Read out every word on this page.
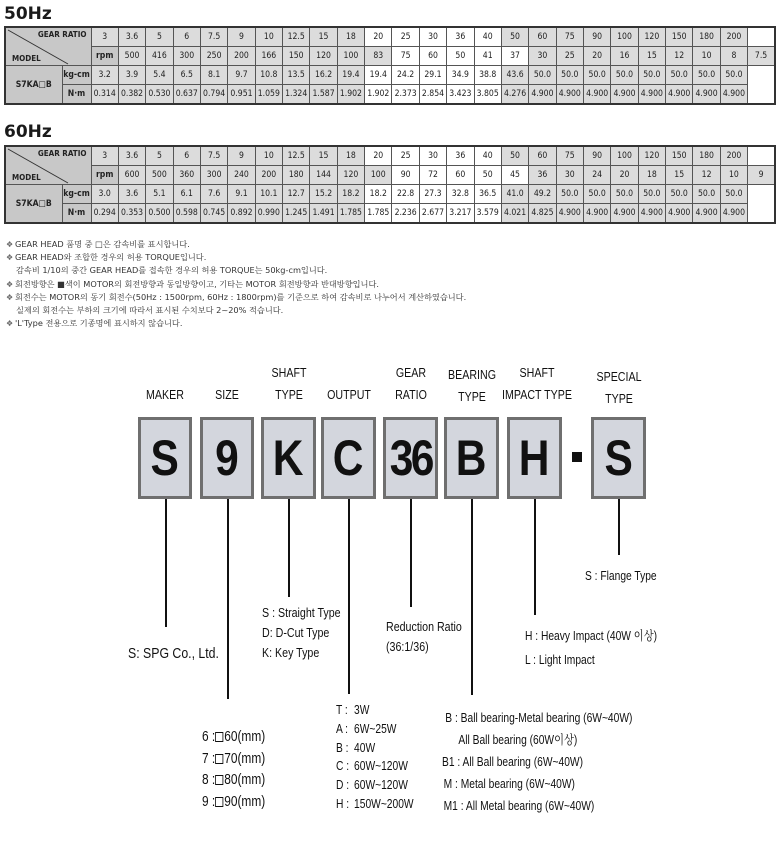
50Hz
GEAR RATIO
MODEL		3	3.6	5	6	7.5	9	10	12.5	15	18	20	25	30	36	40	50	60	75	90	100	120	150	180	200	
		rpm	500	416	300	250	200	166	150	120	100	83	75	60	50	41	37	30	25	20	16	15	12	10	8	7.5
S7KA□B	kg-cm	3.2	3.9	5.4	6.5	8.1	9.7	10.8	13.5	16.2	19.4	19.4	24.2	29.1	34.9	38.8	43.6	50.0	50.0	50.0	50.0	50.0	50.0	50.0	50.0	
	N·m	0.314	0.382	0.530	0.637	0.794	0.951	1.059	1.324	1.587	1.902	1.902	2.373	2.854	3.423	3.805	4.276	4.900	4.900	4.900	4.900	4.900	4.900	4.900	4.900	
60Hz
GEAR RATIO
MODEL		3	3.6	5	6	7.5	9	10	12.5	15	18	20	25	30	36	40	50	60	75	90	100	120	150	180	200	
		rpm	600	500	360	300	240	200	180	144	120	100	90	72	60	50	45	36	30	24	20	18	15	12	10	9
S7KA□B	kg-cm	3.0	3.6	5.1	6.1	7.6	9.1	10.1	12.7	15.2	18.2	18.2	22.8	27.3	32.8	36.5	41.0	49.2	50.0	50.0	50.0	50.0	50.0	50.0	50.0	
	N·m	0.294	0.353	0.500	0.598	0.745	0.892	0.990	1.245	1.491	1.785	1.785	2.236	2.677	3.217	3.579	4.021	4.825	4.900	4.900	4.900	4.900	4.900	4.900	4.900	
❖ GEAR HEAD 품명 중 □은 감속비를 표시합니다.
❖ GEAR HEAD와 조합한 경우의 허용 TORQUE입니다.
감속비 1/10의 중간 GEAR HEAD를 접속한 경우의 허용 TORQUE는 50kg-cm입니다.
❖ 회전방향은 ■색이 MOTOR의 회전방향과 동일방향이고, 기타는 MOTOR 회전방향과 반대방향입니다.
❖ 회전수는 MOTOR의 동기 회전수(50Hz : 1500rpm, 60Hz : 1800rpm)를 기준으로 하여 감속비로 나누어서 계산하였습니다.
실제의 회전수는 부하의 크기에 따라서 표시된 수치보다 2~20% 적습니다.
❖ 'L'Type 전용으로 기종명에 표시하지 않습니다.
MAKER	SIZE
SHAFT
TYPE	OUTPUT
GEAR
RATIO
BEARING
TYPE
SHAFT
IMPACT TYPE
SPECIAL
TYPE
S 9 K C 36 B H S
S: SPG Co., Ltd.
6 : 60(mm)
7 : 70(mm)
8 : 80(mm)
9 : 90(mm)
S : Straight Type
D: D-Cut Type
K: Key Type
T : 3W
A : 6W~25W
B : 40W
C : 60W~120W
D : 60W~120W
H : 150W~200W
Reduction Ratio
(36:1/36)
B : Ball bearing-Metal bearing (6W~40W)
All Ball bearing (60W이상)
B1 : All Ball bearing (6W~40W)
M : Metal bearing (6W~40W)
M1 : All Metal bearing (6W~40W)
H : Heavy Impact (40W 이상)
L : Light Impact
S : Flange Type
